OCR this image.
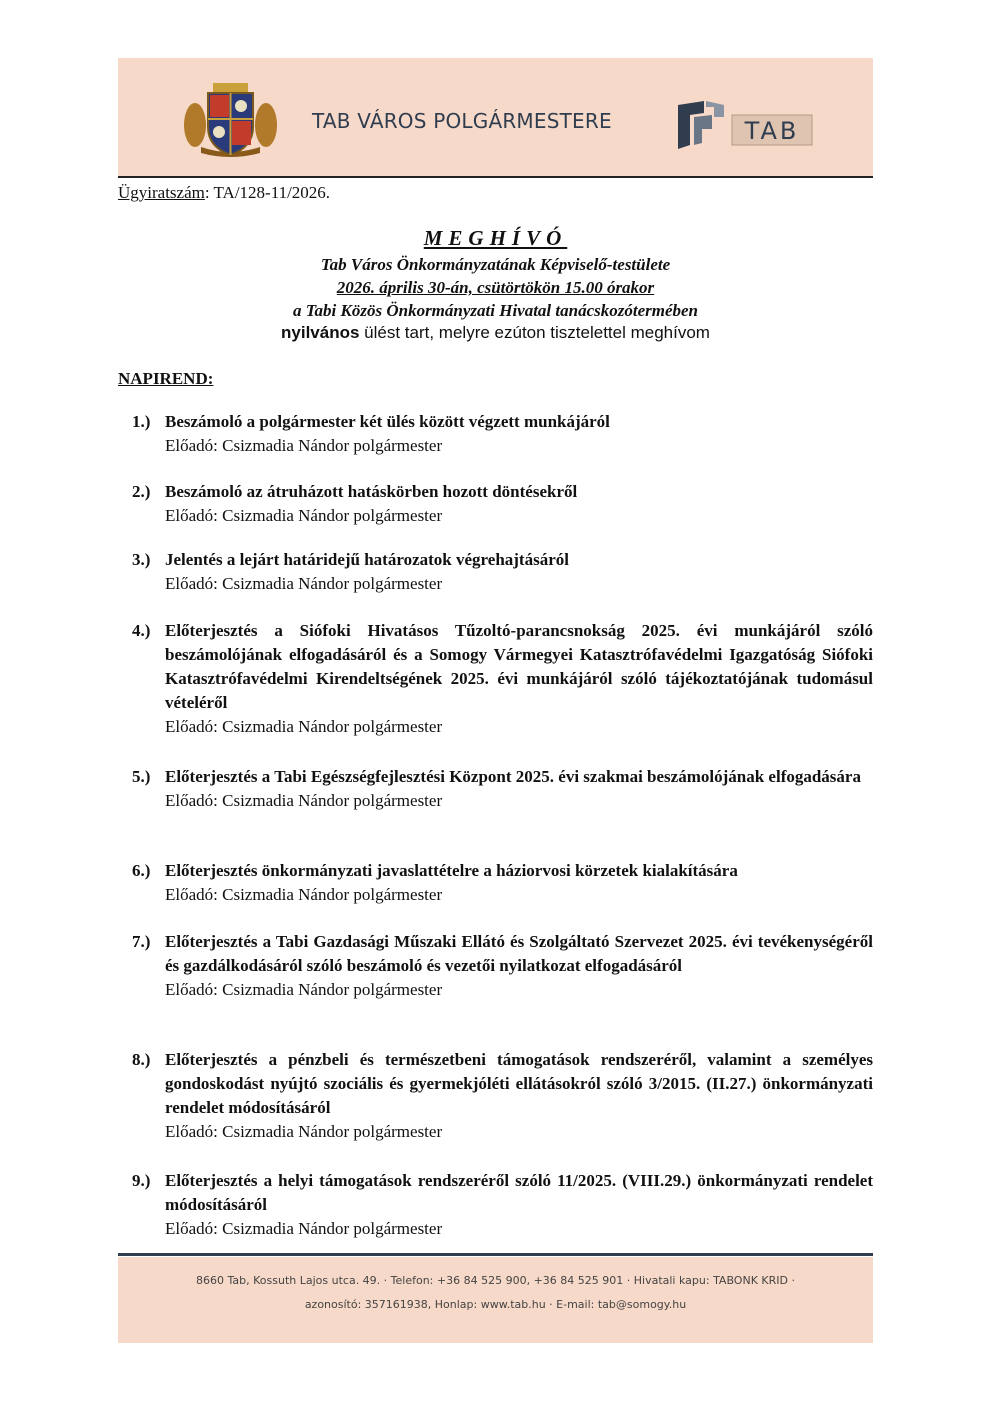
TAB VÁROS POLGÁRMESTERE	TAB
Ügyiratszám: TA/128-11/2026.
MEGHÍVÓ
Tab Város Önkormányzatának Képviselő-testülete
2026. április 30-án, csütörtökön 15.00 órakor
a Tabi Közös Önkormányzati Hivatal tanácskozótermében
nyilvános ülést tart, melyre ezúton tisztelettel meghívom
NAPIREND:
1.) Beszámoló a polgármester két ülés között végzett munkájáról
Előadó: Csizmadia Nándor polgármester
2.) Beszámoló az átruházott hatáskörben hozott döntésekről
Előadó: Csizmadia Nándor polgármester
3.) Jelentés a lejárt határidejű határozatok végrehajtásáról
Előadó: Csizmadia Nándor polgármester
4.) Előterjesztés a Siófoki Hivatásos Tűzoltó-parancsnokság 2025. évi munkájáról szóló beszámolójának elfogadásáról és a Somogy Vármegyei Katasztrófavédelmi Igazgatóság Siófoki Katasztrófavédelmi Kirendeltségének 2025. évi munkájáról szóló tájékoztatójának tudomásul vételéről
Előadó: Csizmadia Nándor polgármester
5.) Előterjesztés a Tabi Egészségfejlesztési Központ 2025. évi szakmai beszámolójának elfogadására
Előadó: Csizmadia Nándor polgármester
6.) Előterjesztés önkormányzati javaslattételre a háziorvosi körzetek kialakítására
Előadó: Csizmadia Nándor polgármester
7.) Előterjesztés a Tabi Gazdasági Műszaki Ellátó és Szolgáltató Szervezet 2025. évi tevékenységéről és gazdálkodásáról szóló beszámoló és vezetői nyilatkozat elfogadásáról
Előadó: Csizmadia Nándor polgármester
8.) Előterjesztés a pénzbeli és természetbeni támogatások rendszeréről, valamint a személyes gondoskodást nyújtó szociális és gyermekjóléti ellátásokról szóló 3/2015. (II.27.) önkormányzati rendelet módosításáról
Előadó: Csizmadia Nándor polgármester
9.) Előterjesztés a helyi támogatások rendszeréről szóló 11/2025. (VIII.29.) önkormányzati rendelet módosításáról
Előadó: Csizmadia Nándor polgármester
8660 Tab, Kossuth Lajos utca. 49. · Telefon: +36 84 525 900, +36 84 525 901 · Hivatali kapu: TABONK KRID ·
azonosító: 357161938, Honlap: www.tab.hu · E-mail: tab@somogy.hu
